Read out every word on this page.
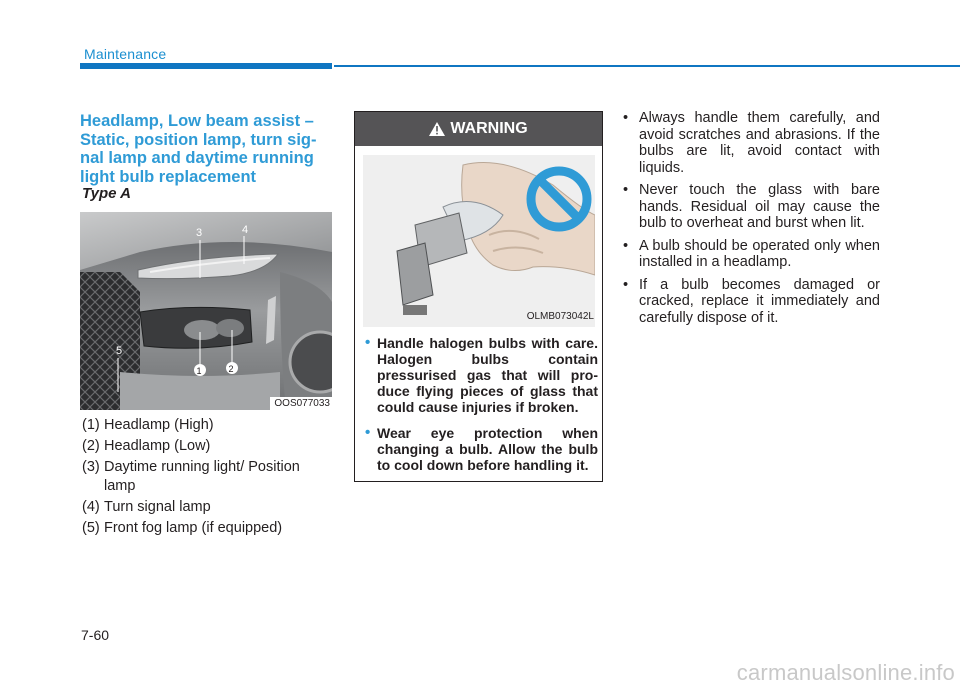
Maintenance
Headlamp, Low beam assist – Static, position lamp, turn sig- nal lamp and daytime running light bulb replacement
Type A
3	4
5
1	2
OOS077033
(1) Headlamp (High)
(2) Headlamp (Low)
(3) Daytime running light/ Position lamp
(4) Turn signal lamp
(5) Front fog lamp (if equipped)
WARNING
OLMB073042L
• Handle halogen bulbs with care. Halogen bulbs contain pressurised gas that will pro- duce flying pieces of glass that could cause injuries if broken.
• Wear eye protection when changing a bulb. Allow the bulb to cool down before handling it.
• Always handle them carefully, and avoid scratches and abrasions. If the bulbs are lit, avoid contact with liquids.
• Never touch the glass with bare hands. Residual oil may cause the bulb to overheat and burst when lit.
• A bulb should be operated only when installed in a headlamp.
• If a bulb becomes damaged or cracked, replace it immediately and carefully dispose of it.
7-60
carmanualsonline.info
